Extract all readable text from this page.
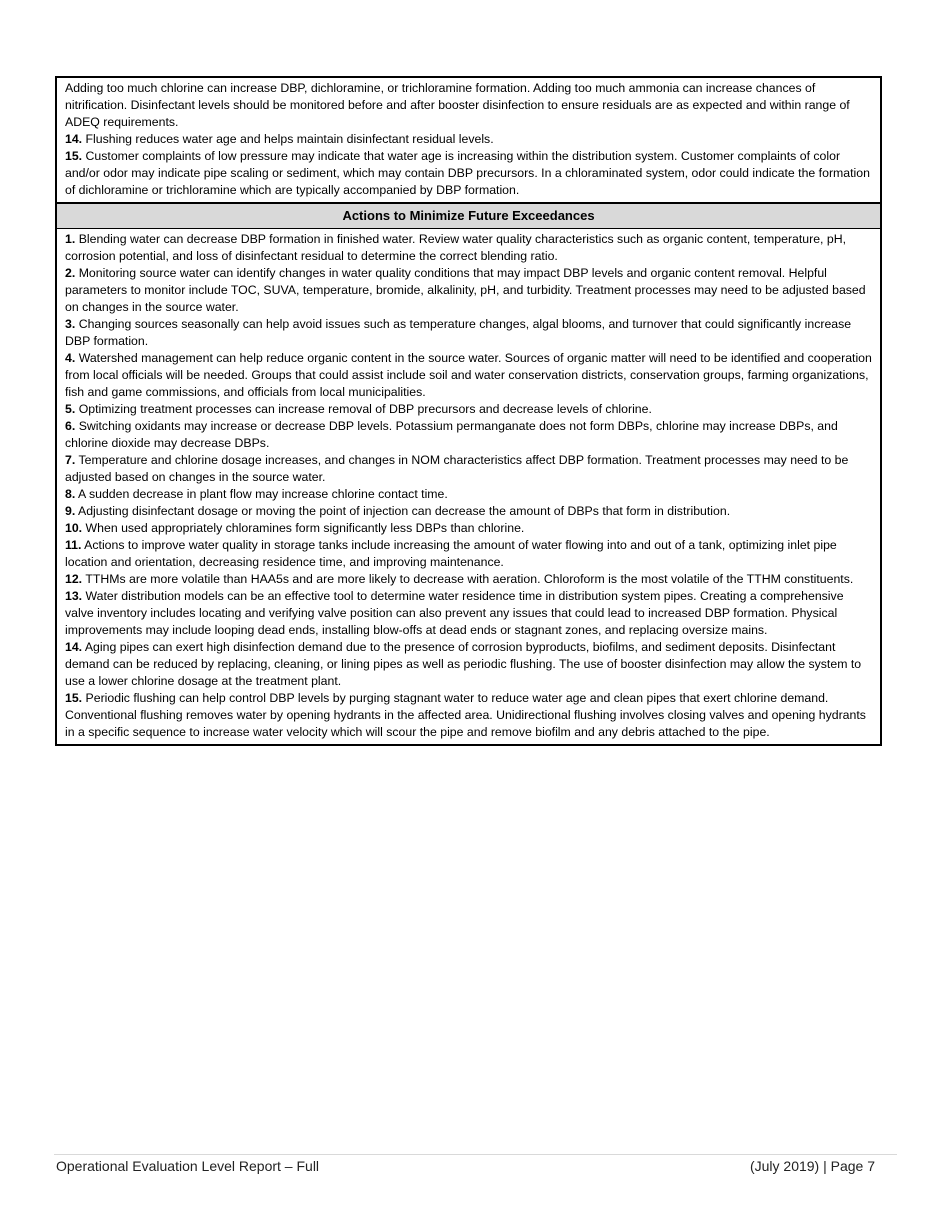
Adding too much chlorine can increase DBP, dichloramine, or trichloramine formation. Adding too much ammonia can increase chances of nitrification. Disinfectant levels should be monitored before and after booster disinfection to ensure residuals are as expected and within range of ADEQ requirements.

14. Flushing reduces water age and helps maintain disinfectant residual levels.

15. Customer complaints of low pressure may indicate that water age is increasing within the distribution system. Customer complaints of color and/or odor may indicate pipe scaling or sediment, which may contain DBP precursors. In a chloraminated system, odor could indicate the formation of dichloramine or trichloramine which are typically accompanied by DBP formation.

Actions to Minimize Future Exceedances

1. Blending water can decrease DBP formation in finished water. Review water quality characteristics such as organic content, temperature, pH, corrosion potential, and loss of disinfectant residual to determine the correct blending ratio.

2. Monitoring source water can identify changes in water quality conditions that may impact DBP levels and organic content removal. Helpful parameters to monitor include TOC, SUVA, temperature, bromide, alkalinity, pH, and turbidity. Treatment processes may need to be adjusted based on changes in the source water.

3. Changing sources seasonally can help avoid issues such as temperature changes, algal blooms, and turnover that could significantly increase DBP formation.

4. Watershed management can help reduce organic content in the source water. Sources of organic matter will need to be identified and cooperation from local officials will be needed. Groups that could assist include soil and water conservation districts, conservation groups, farming organizations, fish and game commissions, and officials from local municipalities.

5. Optimizing treatment processes can increase removal of DBP precursors and decrease levels of chlorine.

6. Switching oxidants may increase or decrease DBP levels. Potassium permanganate does not form DBPs, chlorine may increase DBPs, and chlorine dioxide may decrease DBPs.

7. Temperature and chlorine dosage increases, and changes in NOM characteristics affect DBP formation. Treatment processes may need to be adjusted based on changes in the source water.

8. A sudden decrease in plant flow may increase chlorine contact time.

9. Adjusting disinfectant dosage or moving the point of injection can decrease the amount of DBPs that form in distribution.

10. When used appropriately chloramines form significantly less DBPs than chlorine.

11. Actions to improve water quality in storage tanks include increasing the amount of water flowing into and out of a tank, optimizing inlet pipe location and orientation, decreasing residence time, and improving maintenance.

12. TTHMs are more volatile than HAA5s and are more likely to decrease with aeration. Chloroform is the most volatile of the TTHM constituents.

13. Water distribution models can be an effective tool to determine water residence time in distribution system pipes. Creating a comprehensive valve inventory includes locating and verifying valve position can also prevent any issues that could lead to increased DBP formation. Physical improvements may include looping dead ends, installing blow-offs at dead ends or stagnant zones, and replacing oversize mains.

14. Aging pipes can exert high disinfection demand due to the presence of corrosion byproducts, biofilms, and sediment deposits. Disinfectant demand can be reduced by replacing, cleaning, or lining pipes as well as periodic flushing. The use of booster disinfection may allow the system to use a lower chlorine dosage at the treatment plant.

15. Periodic flushing can help control DBP levels by purging stagnant water to reduce water age and clean pipes that exert chlorine demand. Conventional flushing removes water by opening hydrants in the affected area. Unidirectional flushing involves closing valves and opening hydrants in a specific sequence to increase water velocity which will scour the pipe and remove biofilm and any debris attached to the pipe.

Operational Evaluation Level Report – Full	(July 2019) | Page 7
